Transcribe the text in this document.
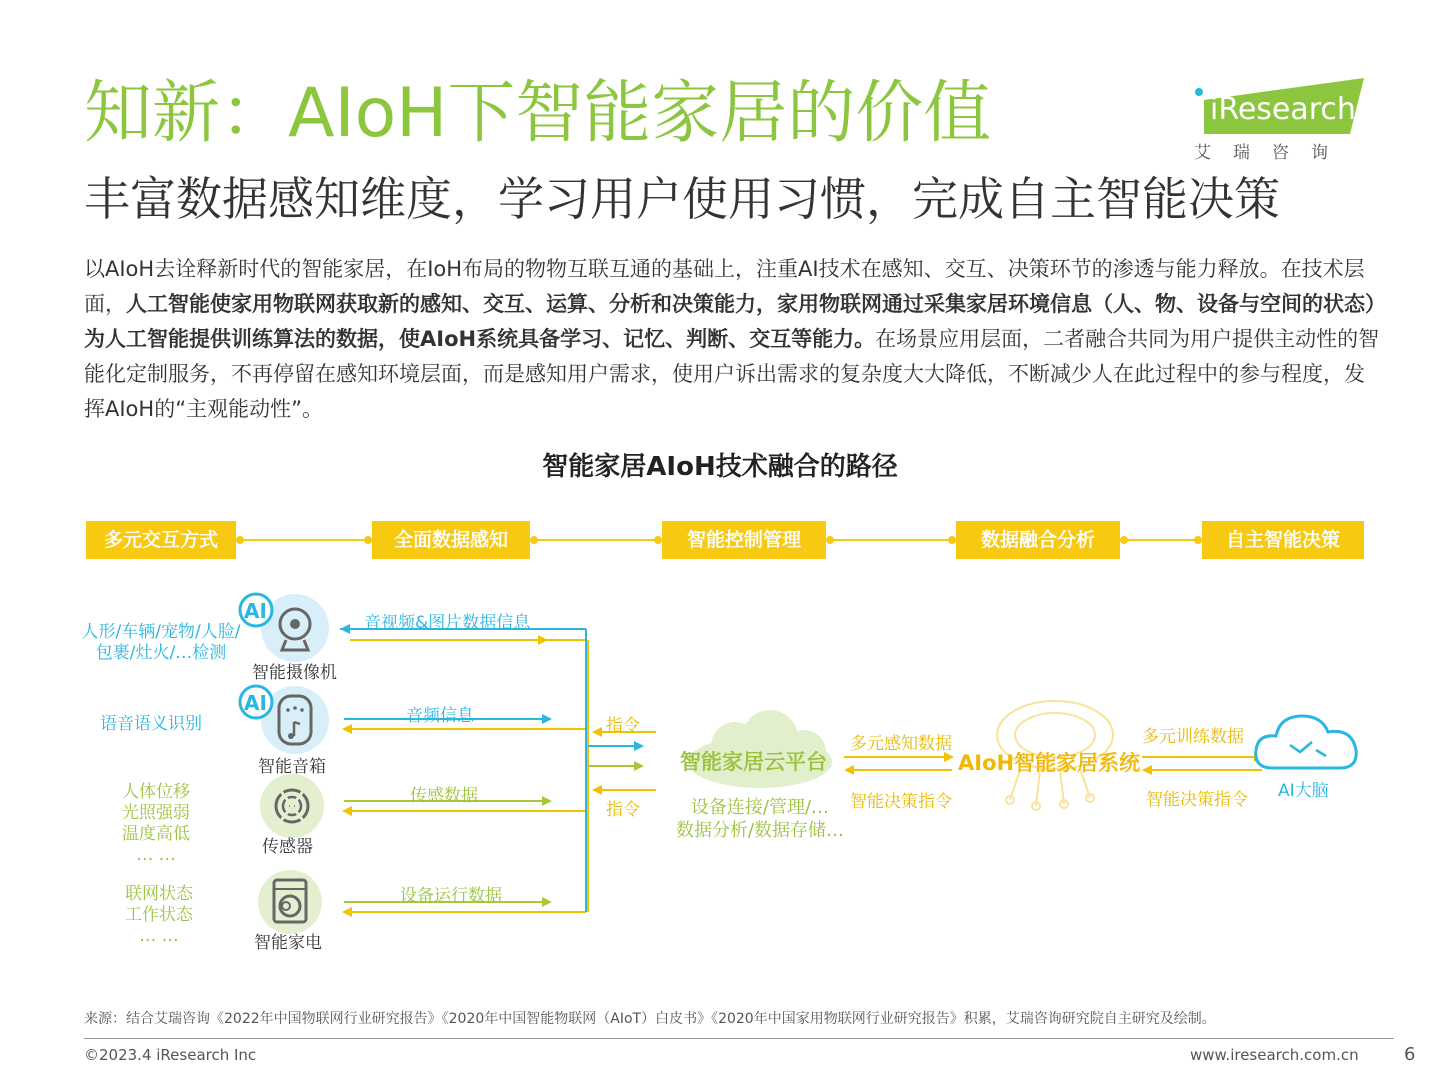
知新：AIoH下智能家居的价值
丰富数据感知维度，学习用户使用习惯，完成自主智能决策
iResearch
艾瑞咨询
以AIoH去诠释新时代的智能家居，在IoH布局的物物互联互通的基础上，注重AI技术在感知、交互、决策环节的渗透与能力释放。在技术层面，人工智能使家用物联网获取新的感知、交互、运算、分析和决策能力，家用物联网通过采集家居环境信息（人、物、设备与空间的状态）为人工智能提供训练算法的数据，使AIoH系统具备学习、记忆、判断、交互等能力。在场景应用层面，二者融合共同为用户提供主动性的智能化定制服务，不再停留在感知环境层面，而是感知用户需求，使用户诉出需求的复杂度大大降低，不断减少人在此过程中的参与程度，发挥AIoH的“主观能动性”。
智能家居AIoH技术融合的路径
多元交互方式	全面数据感知	智能控制管理	数据融合分析	自主智能决策
人形/车辆/宠物/人脸/
包裹/灶火/…检测
语音语义识别
人体位移
光照强弱
温度高低
… …
联网状态
工作状态
… …
AI
AI
智能摄像机
智能音箱
传感器
智能家电
音视频&图片数据信息
音频信息
传感数据
设备运行数据
指令
指令
智能家居云平台
设备连接/管理/…
数据分析/数据存储…
多元感知数据
智能决策指令
AIoH智能家居系统
多元训练数据
智能决策指令 AI大脑
来源：结合艾瑞咨询《2022年中国物联网行业研究报告》《2020年中国智能物联网（AIoT）白皮书》《2020年中国家用物联网行业研究报告》积累，艾瑞咨询研究院自主研究及绘制。
©2023.4 iResearch Inc	www.iresearch.com.cn	6
